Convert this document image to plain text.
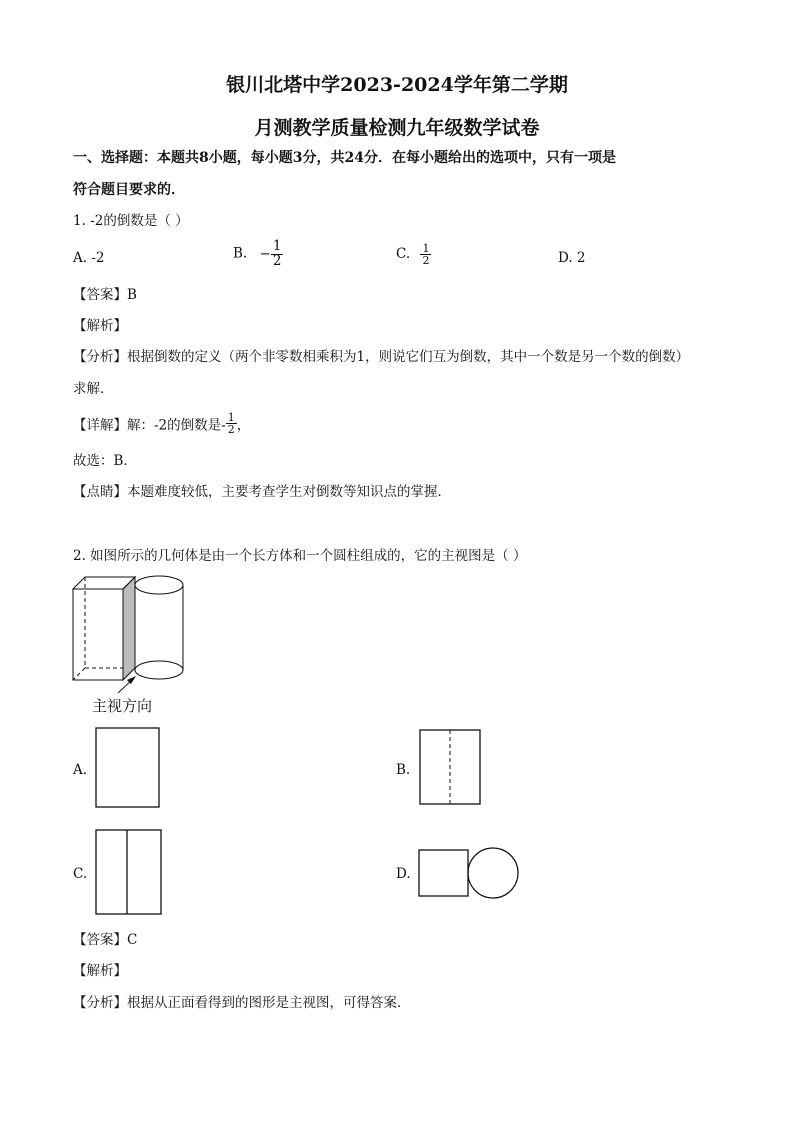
银川北塔中学2023-2024学年第二学期
月测教学质量检测九年级数学试卷
一、选择题：本题共8小题，每小题3分，共24分．在每小题给出的选项中，只有一项是
符合题目要求的．
1. -2的倒数是（ ）
A. -2	B. − $\frac{1}{2}$	C. $\frac{1}{2}$	D. 2
【答案】B
【解析】
【分析】根据倒数的定义（两个非零数相乘积为1，则说它们互为倒数，其中一个数是另一个数的倒数）
求解．
【详解】解：-2的倒数是- $\frac{1}{2}$ ，
故选：B．
【点睛】本题难度较低，主要考查学生对倒数等知识点的掌握．
2. 如图所示的几何体是由一个长方体和一个圆柱组成的，它的主视图是（ ）
主视方向
A.	B.
C.	D.
【答案】C
【解析】
【分析】根据从正面看得到的图形是主视图，可得答案．
